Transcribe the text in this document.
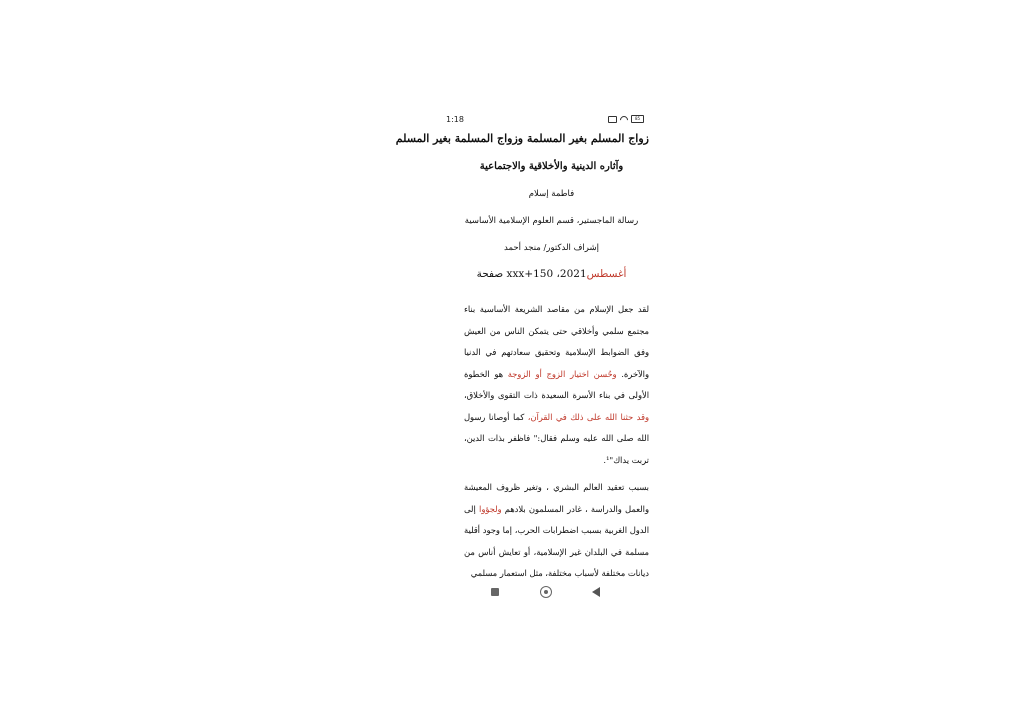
1:18	85
زواج المسلم بغير المسلمة وزواج المسلمة بغير المسلم
وآثاره الدينية والأخلاقية والاجتماعية
فاطمة إسلام
رسالة الماجستير، قسم العلوم الإسلامية الأساسية
إشراف الدكتور/ منجد أحمد
أغسطس2021، 150+xxx صفحة
لقد جعل الإسلام من مقاصد الشريعة الأساسية بناء مجتمع سلمي وأخلاقي حتى يتمكن الناس من العيش وفق الضوابط الإسلامية وتحقيق سعادتهم في الدنيا والآخرة. وحُسن اختيار الزوج أو الزوجة هو الخطوة الأولى في بناء الأسرة السعيدة ذات التقوى والأخلاق، وقد حثنا الله على ذلك في القرآن، كما أوصانا رسول الله صلى الله عليه وسلم فقال:" فاظفر بذات الدين، تربت يداك"¹.
بسبب تعقيد العالم البشري ، وتغير ظروف المعيشة والعمل والدراسة ، غادر المسلمون بلادهم ولجؤوا إلى الدول الغربية بسبب اضطرابات الحرب، إما وجود أقلية مسلمة في البلدان غير الإسلامية، أو تعايش أناس من ديانات مختلفة لأسباب مختلفة، مثل استعمار مسلمي
